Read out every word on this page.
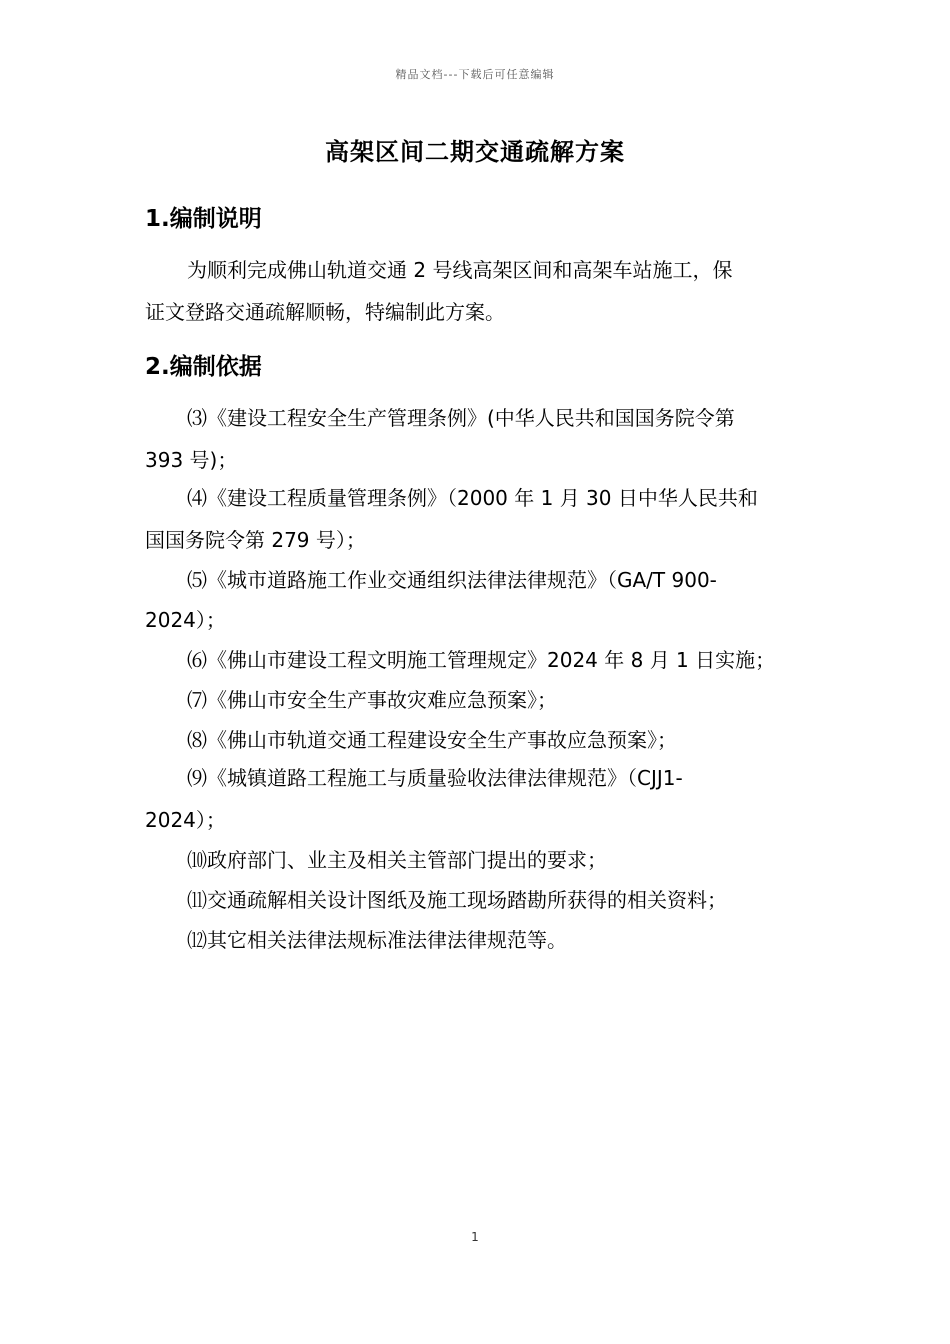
精品文档---下载后可任意编辑
高架区间二期交通疏解方案
1.编制说明
为顺利完成佛山轨道交通 2 号线高架区间和高架车站施工，保
证文登路交通疏解顺畅，特编制此方案。
2.编制依据
⑶《建设工程安全生产管理条例》(中华人民共和国国务院令第
393 号)；
⑷《建设工程质量管理条例》（2000 年 1 月 30 日中华人民共和
国国务院令第 279 号）；
⑸《城市道路施工作业交通组织法律法律规范》（GA/T 900-
2024）；
⑹《佛山市建设工程文明施工管理规定》2024 年 8 月 1 日实施；
⑺《佛山市安全生产事故灾难应急预案》；
⑻《佛山市轨道交通工程建设安全生产事故应急预案》；
⑼《城镇道路工程施工与质量验收法律法律规范》（CJJ1-
2024）；
⑽政府部门、业主及相关主管部门提出的要求；
⑾交通疏解相关设计图纸及施工现场踏勘所获得的相关资料；
⑿其它相关法律法规标准法律法律规范等。
1
